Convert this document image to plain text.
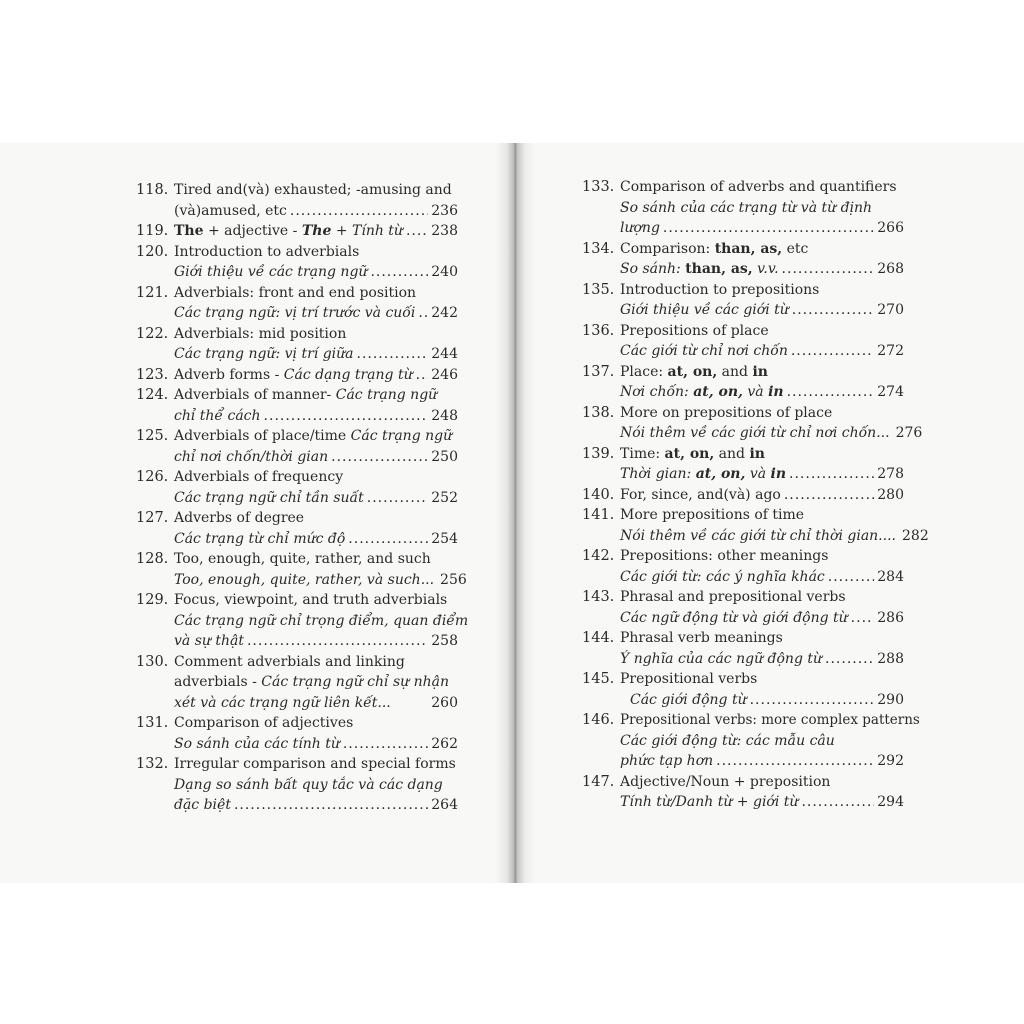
118. Tired and(và) exhausted; -amusing and
(và)amused, etc .....	236
119. The + adjective - The + Tính từ ..... 238
120. Introduction to adverbials
Giới thiệu về các trạng ngữ .....	240
121. Adverbials: front and end position
Các trạng ngữ: vị trí trước và cuối ..... 242
122. Adverbials: mid position
Các trạng ngữ: vị trí giữa .....	244
123. Adverb forms - Các dạng trạng từ ..... 246
124. Adverbials of manner- Các trạng ngữ
chỉ thể cách .....	248
125. Adverbials of place/time Các trạng ngữ
chỉ nơi chốn/thời gian .....	250
126. Adverbials of frequency
Các trạng ngữ chỉ tần suất .....	252
127. Adverbs of degree
Các trạng từ chỉ mức độ .....	254
128. Too, enough, quite, rather, and such
Too, enough, quite, rather, và such... 256
129. Focus, viewpoint, and truth adverbials
Các trạng ngữ chỉ trọng điểm, quan điểm
và sự thật .....	258
130. Comment adverbials and linking
adverbials - Các trạng ngữ chỉ sự nhận
xét và các trạng ngữ liên kết...	260
131. Comparison of adjectives
So sánh của các tính từ .....	262
132. Irregular comparison and special forms
Dạng so sánh bất quy tắc và các dạng
đặc biệt .....	264
133. Comparison of adverbs and quantifiers
So sánh của các trạng từ và từ định
lượng .....	266
134. Comparison: than, as, etc
So sánh: than, as, v.v. .....	268
135. Introduction to prepositions
Giới thiệu về các giới từ .....	270
136. Prepositions of place
Các giới từ chỉ nơi chốn .....	272
137. Place: at, on, and in
Nơi chốn: at, on, và in .....	274
138. More on prepositions of place
Nói thêm về các giới từ chỉ nơi chốn... 276
139. Time: at, on, and in
Thời gian: at, on, và in .....	278
140. For, since, and(và) ago .....	280
141. More prepositions of time
Nói thêm về các giới từ chỉ thời gian.... 282
142. Prepositions: other meanings
Các giới từ: các ý nghĩa khác .....	284
143. Phrasal and prepositional verbs
Các ngữ động từ và giới động từ ..... 286
144. Phrasal verb meanings
Ý nghĩa của các ngữ động từ .....	288
145. Prepositional verbs
Các giới động từ .....	290
146. Prepositional verbs: more complex patterns
Các giới động từ: các mẫu câu
phức tạp hơn .....	292
147. Adjective/Noun + preposition
Tính từ/Danh từ + giới từ .....	294
